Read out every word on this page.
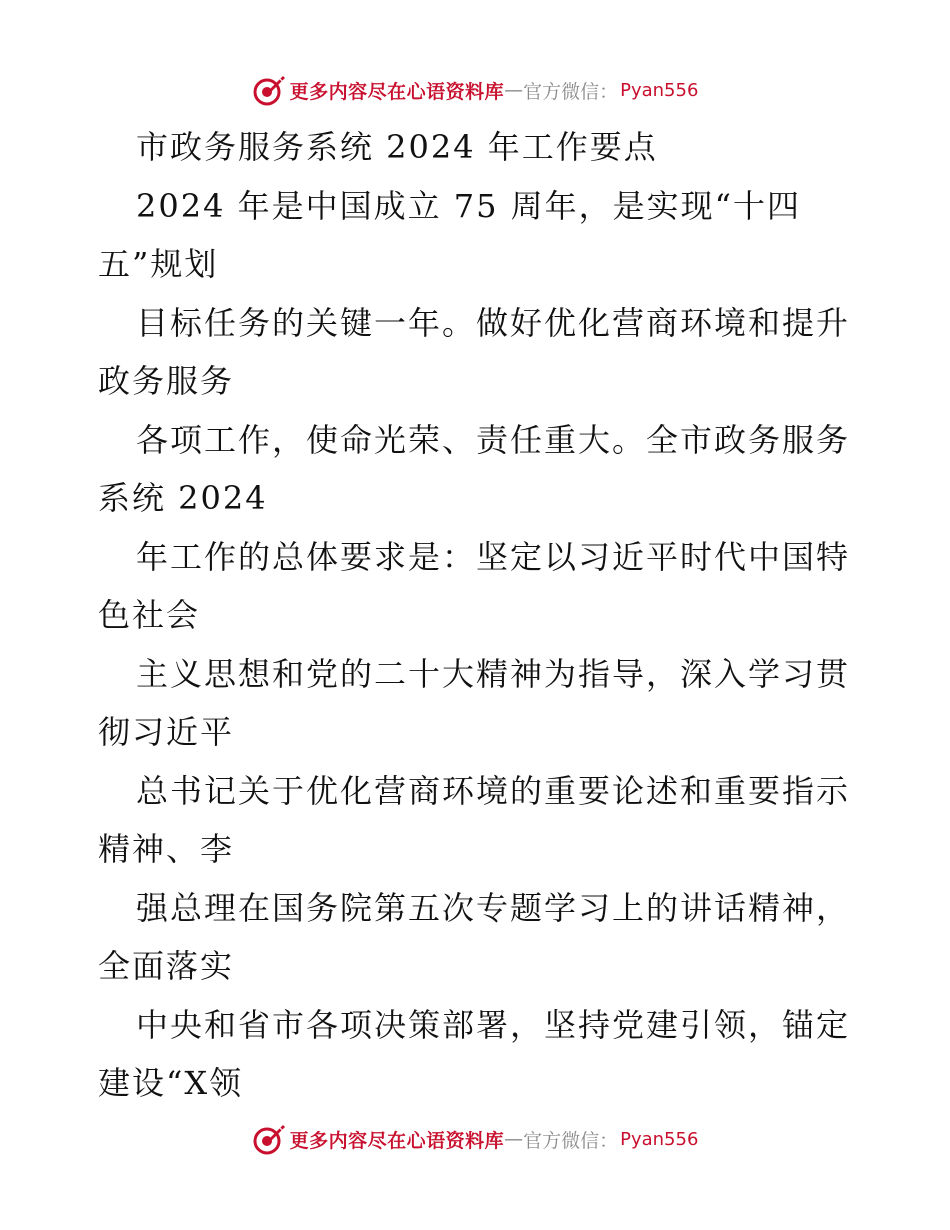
更多内容尽在心语资料库 — 官方微信： Pyan556
市政务服务系统 2024 年工作要点
2024 年是中国成立 75 周年，是实现“十四
五”规划
目标任务的关键一年。做好优化营商环境和提升
政务服务
各项工作，使命光荣、责任重大。全市政务服务
系统 2024
年工作的总体要求是：坚定以习近平时代中国特
色社会
主义思想和党的二十大精神为指导，深入学习贯
彻习近平
总书记关于优化营商环境的重要论述和重要指示
精神、李
强总理在国务院第五次专题学习上的讲话精神，
全面落实
中央和省市各项决策部署，坚持党建引领，锚定
建设“X领
更多内容尽在心语资料库 — 官方微信： Pyan556
